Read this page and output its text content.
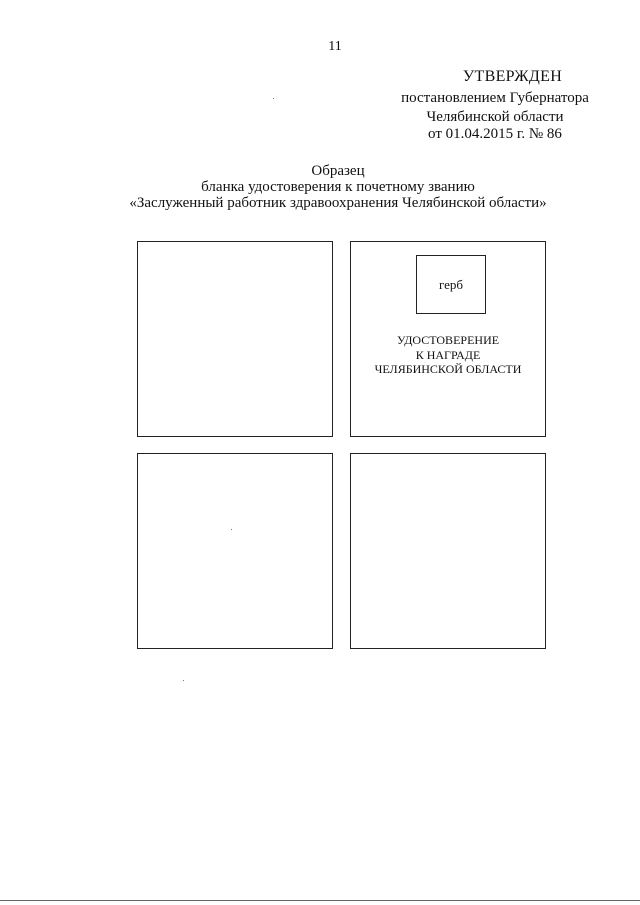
11
УТВЕРЖДЕН
постановлением Губернатора
Челябинской области
от 01.04.2015 г. № 86
Образец
бланка удостоверения к почетному званию
«Заслуженный работник здравоохранения Челябинской области»
герб
УДОСТОВЕРЕНИЕ
К НАГРАДЕ
ЧЕЛЯБИНСКОЙ ОБЛАСТИ
